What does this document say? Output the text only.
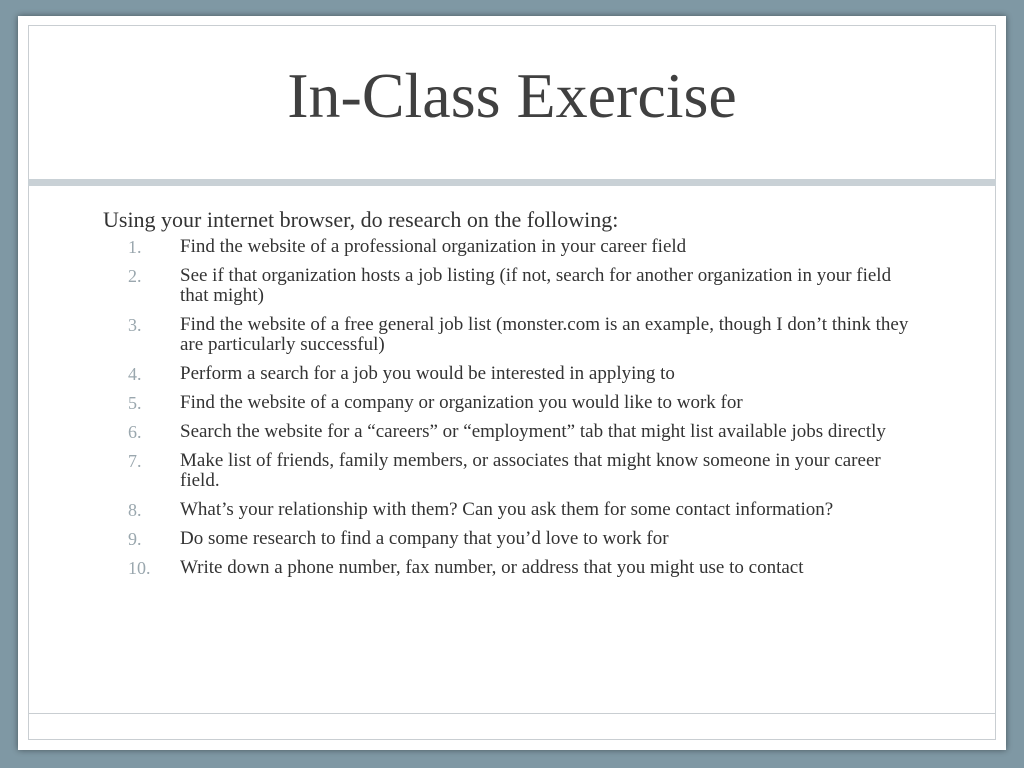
In-Class Exercise

Using your internet browser, do research on the following:

1. Find the website of a professional organization in your career field
2. See if that organization hosts a job listing (if not, search for another organization in your field that might)
3. Find the website of a free general job list (monster.com is an example, though I don’t think they are particularly successful)
4. Perform a search for a job you would be interested in applying to
5. Find the website of a company or organization you would like to work for
6. Search the website for a “careers” or “employment” tab that might list available jobs directly
7. Make list of friends, family members, or associates that might know someone in your career field.
8. What’s your relationship with them? Can you ask them for some contact information?
9. Do some research to find a company that you’d love to work for
10. Write down a phone number, fax number, or address that you might use to contact
